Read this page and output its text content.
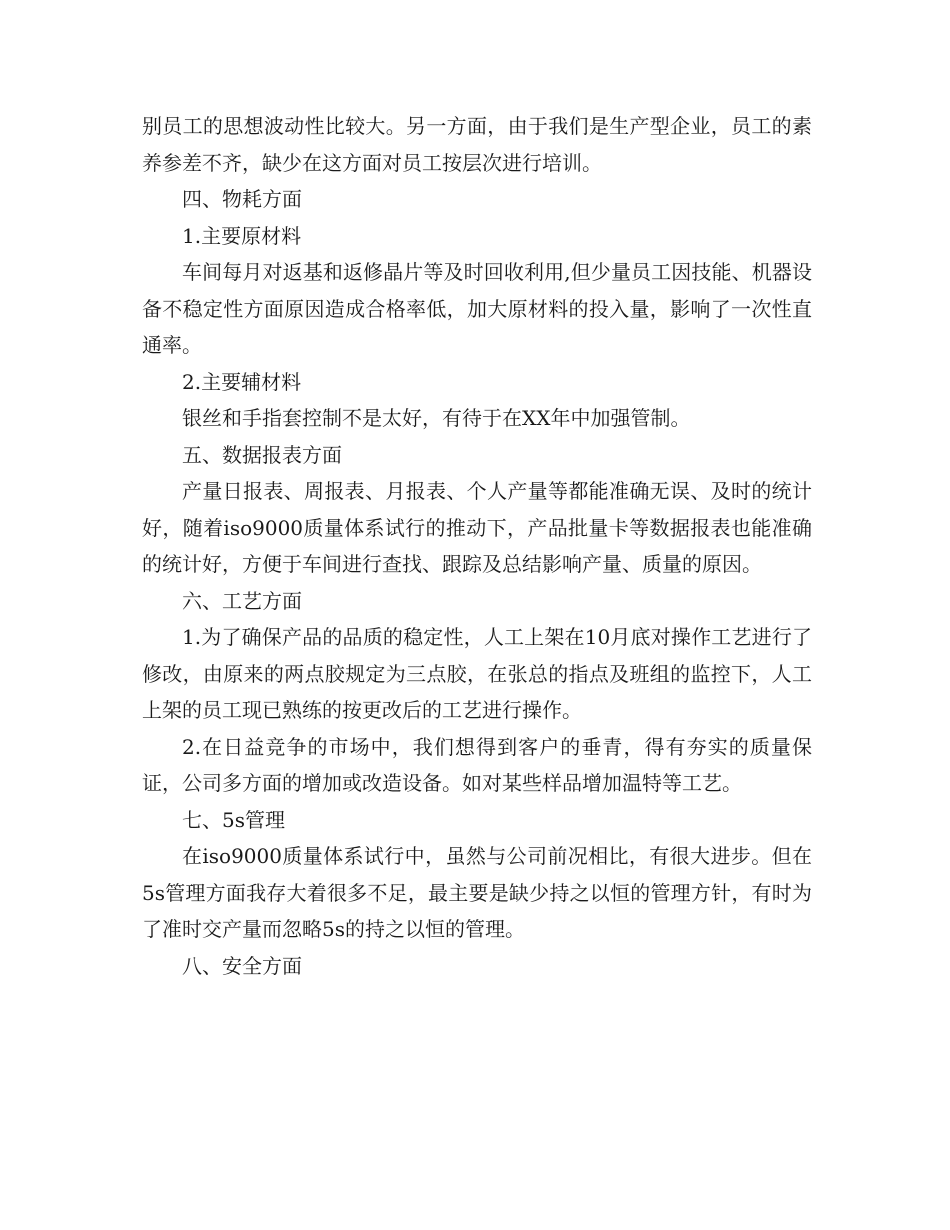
别员工的思想波动性比较大。另一方面，由于我们是生产型企业，员工的素养参差不齐，缺少在这方面对员工按层次进行培训。

四、物耗方面

1.主要原材料

车间每月对返基和返修晶片等及时回收利用,但少量员工因技能、机器设备不稳定性方面原因造成合格率低，加大原材料的投入量，影响了一次性直通率。

2.主要辅材料

银丝和手指套控制不是太好，有待于在XX年中加强管制。

五、数据报表方面

产量日报表、周报表、月报表、个人产量等都能准确无误、及时的统计好，随着iso9000质量体系试行的推动下，产品批量卡等数据报表也能准确的统计好，方便于车间进行查找、跟踪及总结影响产量、质量的原因。

六、工艺方面

1.为了确保产品的品质的稳定性，人工上架在10月底对操作工艺进行了修改，由原来的两点胶规定为三点胶，在张总的指点及班组的监控下，人工上架的员工现已熟练的按更改后的工艺进行操作。

2.在日益竞争的市场中，我们想得到客户的垂青，得有夯实的质量保证，公司多方面的增加或改造设备。如对某些样品增加温特等工艺。

七、5s管理

在iso9000质量体系试行中，虽然与公司前况相比，有很大进步。但在5s管理方面我存大着很多不足，最主要是缺少持之以恒的管理方针，有时为了准时交产量而忽略5s的持之以恒的管理。

八、安全方面
